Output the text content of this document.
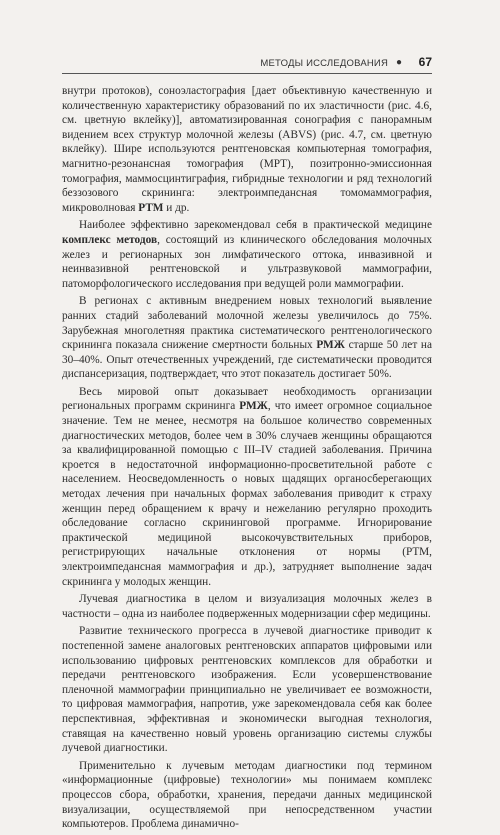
МЕТОДЫ ИССЛЕДОВАНИЯ ● 67

внутри протоков), соноэластография [дает объективную качественную и количественную характеристику образований по их эластичности (рис. 4.6, см. цветную вклейку)], автоматизированная сонография с панорамным видением всех структур молочной железы (ABVS) (рис. 4.7, см. цветную вклейку). Шире используются рентгеновская компьютерная томография, магнитно-резонансная томография (МРТ), позитронно-эмиссионная томография, маммосцинтиграфия, гибридные технологии и ряд технологий беззозового скрининга: электроимпедансная томомаммография, микроволновая РТМ и др.

Наиболее эффективно зарекомендовал себя в практической медицине комплекс методов, состоящий из клинического обследования молочных желез и регионарных зон лимфатического оттока, инвазивной и неинвазивной рентгеновской и ультразвуковой маммографии, патоморфологического исследования при ведущей роли маммографии.

В регионах с активным внедрением новых технологий выявление ранних стадий заболеваний молочной железы увеличилось до 75%. Зарубежная многолетняя практика систематического рентгенологического скрининга показала снижение смертности больных РМЖ старше 50 лет на 30–40%. Опыт отечественных учреждений, где систематически проводится диспансеризация, подтверждает, что этот показатель достигает 50%.

Весь мировой опыт доказывает необходимость организации региональных программ скрининга РМЖ, что имеет огромное социальное значение. Тем не менее, несмотря на большое количество современных диагностических методов, более чем в 30% случаев женщины обращаются за квалифицированной помощью с III–IV стадией заболевания. Причина кроется в недостаточной информационно-просветительной работе с населением. Неосведомленность о новых щадящих органосберегающих методах лечения при начальных формах заболевания приводит к страху женщин перед обращением к врачу и нежеланию регулярно проходить обследование согласно скрининговой программе. Игнорирование практической медициной высокочувствительных приборов, регистрирующих начальные отклонения от нормы (РТМ, электроимпедансная маммография и др.), затрудняет выполнение задач скрининга у молодых женщин.

Лучевая диагностика в целом и визуализация молочных желез в частности – одна из наиболее подверженных модернизации сфер медицины.

Развитие технического прогресса в лучевой диагностике приводит к постепенной замене аналоговых рентгеновских аппаратов цифровыми или использованию цифровых рентгеновских комплексов для обработки и передачи рентгеновского изображения. Если усовершенствование пленочной маммографии принципиально не увеличивает ее возможности, то цифровая маммография, напротив, уже зарекомендовала себя как более перспективная, эффективная и экономически выгодная технология, ставящая на качественно новый уровень организацию системы службы лучевой диагностики.

Применительно к лучевым методам диагностики под термином «информационные (цифровые) технологии» мы понимаем комплекс процессов сбора, обработки, хранения, передачи данных медицинской визуализации, осуществляемой при непосредственном участии компьютеров. Проблема динамично-
